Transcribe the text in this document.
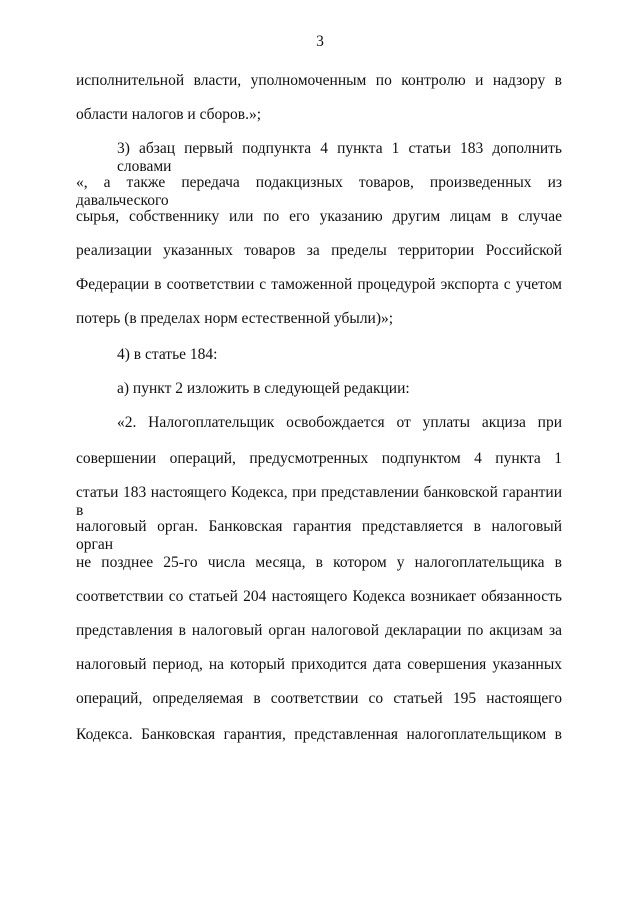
3
исполнительной власти, уполномоченным по контролю и надзору в
области налогов и сборов.»;
3) абзац первый подпункта 4 пункта 1 статьи 183 дополнить словами
«, а также передача подакцизных товаров, произведенных из давальческого
сырья, собственнику или по его указанию другим лицам в случае
реализации указанных товаров за пределы территории Российской
Федерации в соответствии с таможенной процедурой экспорта с учетом
потерь (в пределах норм естественной убыли)»;
4) в статье 184:
а) пункт 2 изложить в следующей редакции:
«2. Налогоплательщик освобождается от уплаты акциза при
совершении операций, предусмотренных подпунктом 4 пункта 1
статьи 183 настоящего Кодекса, при представлении банковской гарантии в
налоговый орган. Банковская гарантия представляется в налоговый орган
не позднее 25-го числа месяца, в котором у налогоплательщика в
соответствии со статьей 204 настоящего Кодекса возникает обязанность
представления в налоговый орган налоговой декларации по акцизам за
налоговый период, на который приходится дата совершения указанных
операций, определяемая в соответствии со статьей 195 настоящего
Кодекса. Банковская гарантия, представленная налогоплательщиком в
